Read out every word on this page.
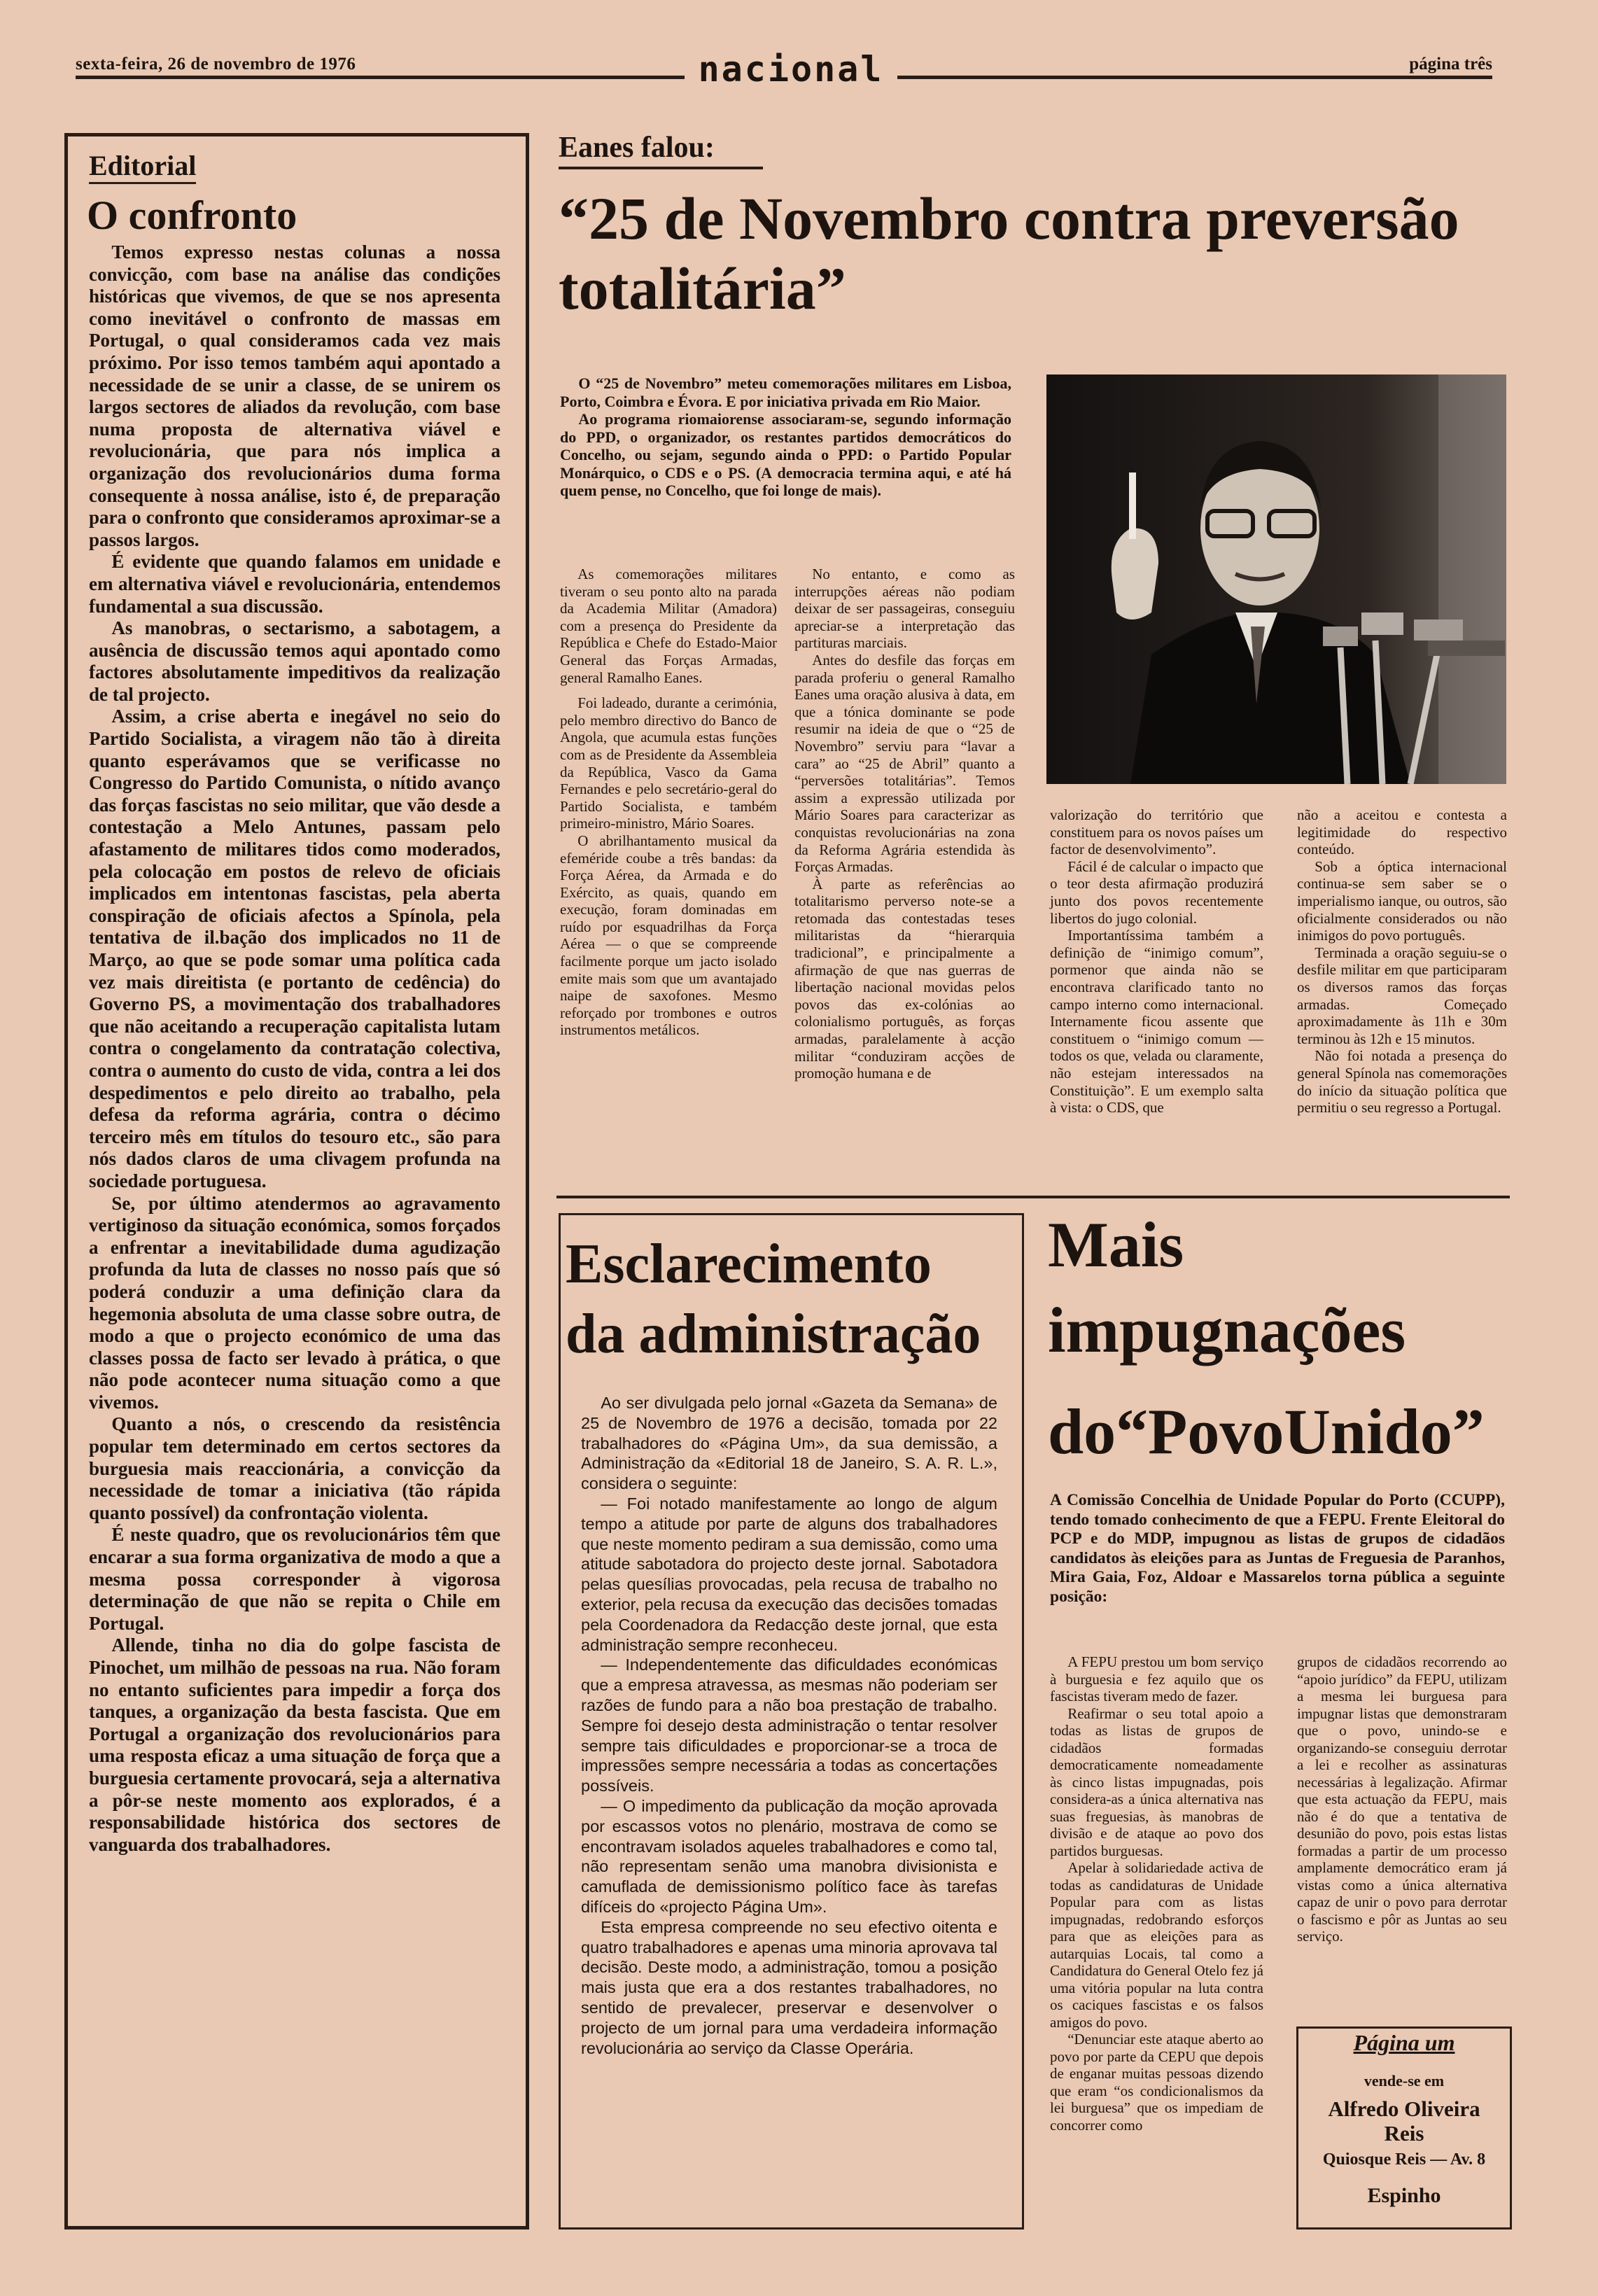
sexta-feira, 26 de novembro de 1976	nacional	página três
Editorial
O confronto

Temos expresso nestas colunas a nossa convicção, com base na análise das condições históricas que vivemos, de que se nos apresenta como inevitável o confronto de massas em Portugal, o qual consideramos cada vez mais próximo. Por isso temos também aqui apontado a necessidade de se unir a classe, de se unirem os largos sectores de aliados da revolução, com base numa proposta de alternativa viável e revolucionária, que para nós implica a organização dos revolucionários duma forma consequente à nossa análise, isto é, de preparação para o confronto que consideramos aproximar-se a passos largos.

É evidente que quando falamos em unidade e em alternativa viável e revolucionária, entendemos fundamental a sua discussão.

As manobras, o sectarismo, a sabotagem, a ausência de discussão temos aqui apontado como factores absolutamente impeditivos da realização de tal projecto.

Assim, a crise aberta e inegável no seio do Partido Socialista, a viragem não tão à direita quanto esperávamos que se verificasse no Congresso do Partido Comunista, o nítido avanço das forças fascistas no seio militar, que vão desde a contestação a Melo Antunes, passam pelo afastamento de militares tidos como moderados, pela colocação em postos de relevo de oficiais implicados em intentonas fascistas, pela aberta conspiração de oficiais afectos a Spínola, pela tentativa de il.bação dos implicados no 11 de Março, ao que se pode somar uma política cada vez mais direitista (e portanto de cedência) do Governo PS, a movimentação dos trabalhadores que não aceitando a recuperação capitalista lutam contra o congelamento da contratação colectiva, contra o aumento do custo de vida, contra a lei dos despedimentos e pelo direito ao trabalho, pela defesa da reforma agrária, contra o décimo terceiro mês em títulos do tesouro etc., são para nós dados claros de uma clivagem profunda na sociedade portuguesa.

Se, por último atendermos ao agravamento vertiginoso da situação económica, somos forçados a enfrentar a inevitabilidade duma agudização profunda da luta de classes no nosso país que só poderá conduzir a uma definição clara da hegemonia absoluta de uma classe sobre outra, de modo a que o projecto económico de uma das classes possa de facto ser levado à prática, o que não pode acontecer numa situação como a que vivemos.

Quanto a nós, o crescendo da resistência popular tem determinado em certos sectores da burguesia mais reaccionária, a convicção da necessidade de tomar a iniciativa (tão rápida quanto possível) da confrontação violenta.

É neste quadro, que os revolucionários têm que encarar a sua forma organizativa de modo a que a mesma possa corresponder à vigorosa determinação de que não se repita o Chile em Portugal.

Allende, tinha no dia do golpe fascista de Pinochet, um milhão de pessoas na rua. Não foram no entanto suficientes para impedir a força dos tanques, a organização da besta fascista. Que em Portugal a organização dos revolucionários para uma resposta eficaz a uma situação de força que a burguesia certamente provocará, seja a alternativa a pôr-se neste momento aos explorados, é a responsabilidade histórica dos sectores de vanguarda dos trabalhadores.

Eanes falou:
“25 de Novembro contra preversão totalitária”

O “25 de Novembro” meteu comemorações militares em Lisboa, Porto, Coimbra e Évora. E por iniciativa privada em Rio Maior.

Ao programa riomaiorense associaram-se, segundo informação do PPD, o organizador, os restantes partidos democráticos do Concelho, ou sejam, segundo ainda o PPD: o Partido Popular Monárquico, o CDS e o PS. (A democracia termina aqui, e até há quem pense, no Concelho, que foi longe de mais).

As comemorações militares tiveram o seu ponto alto na parada da Academia Militar (Amadora) com a presença do Presidente da República e Chefe do Estado-Maior General das Forças Armadas, general Ramalho Eanes.

Foi ladeado, durante a cerimónia, pelo membro directivo do Banco de Angola, que acumula estas funções com as de Presidente da Assembleia da República, Vasco da Gama Fernandes e pelo secretário-geral do Partido Socialista, e também primeiro-ministro, Mário Soares.

O abrilhantamento musical da efeméride coube a três bandas: da Força Aérea, da Armada e do Exército, as quais, quando em execução, foram dominadas em ruído por esquadrilhas da Força Aérea — o que se compreende facilmente porque um jacto isolado emite mais som que um avantajado naipe de saxofones. Mesmo reforçado por trombones e outros instrumentos metálicos.

No entanto, e como as interrupções aéreas não podiam deixar de ser passageiras, conseguiu apreciar-se a interpretação das partituras marciais.

Antes do desfile das forças em parada proferiu o general Ramalho Eanes uma oração alusiva à data, em que a tónica dominante se pode resumir na ideia de que o “25 de Novembro” serviu para “lavar a cara” ao “25 de Abril” quanto a “perversões totalitárias”. Temos assim a expressão utilizada por Mário Soares para caracterizar as conquistas revolucionárias na zona da Reforma Agrária estendida às Forças Armadas.

À parte as referências ao totalitarismo perverso note-se a retomada das contestadas teses militaristas da “hierarquia tradicional”, e principalmente a afirmação de que nas guerras de libertação nacional movidas pelos povos das ex-colónias ao colonialismo português, as forças armadas, paralelamente à acção militar “conduziram acções de promoção humana e de

valorização do território que constituem para os novos países um factor de desenvolvimento”.

Fácil é de calcular o impacto que o teor desta afirmação produzirá junto dos povos recentemente libertos do jugo colonial.

Importantíssima também a definição de “inimigo comum”, pormenor que ainda não se encontrava clarificado tanto no campo interno como internacional. Internamente ficou assente que constituem o “inimigo comum — todos os que, velada ou claramente, não estejam interessados na Constituição”. E um exemplo salta à vista: o CDS, que

não a aceitou e contesta a legitimidade do respectivo conteúdo.

Sob a óptica internacional continua-se sem saber se o imperialismo ianque, ou outros, são oficialmente considerados ou não inimigos do povo português.

Terminada a oração seguiu-se o desfile militar em que participaram os diversos ramos das forças armadas. Começado aproximadamente às 11h e 30m terminou às 12h e 15 minutos.

Não foi notada a presença do general Spínola nas comemorações do início da situação política que permitiu o seu regresso a Portugal.

Esclarecimento
da administração

Ao ser divulgada pelo jornal «Gazeta da Semana» de 25 de Novembro de 1976 a decisão, tomada por 22 trabalhadores do «Página Um», da sua demissão, a Administração da «Editorial 18 de Janeiro, S. A. R. L.», considera o seguinte:

— Foi notado manifestamente ao longo de algum tempo a atitude por parte de alguns dos trabalhadores que neste momento pediram a sua demissão, como uma atitude sabotadora do projecto deste jornal. Sabotadora pelas quesílias provocadas, pela recusa de trabalho no exterior, pela recusa da execução das decisões tomadas pela Coordenadora da Redacção deste jornal, que esta administração sempre reconheceu.

— Independentemente das dificuldades económicas que a empresa atravessa, as mesmas não poderiam ser razões de fundo para a não boa prestação de trabalho. Sempre foi desejo desta administração o tentar resolver sempre tais dificuldades e proporcionar-se a troca de impressões sempre necessária a todas as concertações possíveis.

— O impedimento da publicação da moção aprovada por escassos votos no plenário, mostrava de como se encontravam isolados aqueles trabalhadores e como tal, não representam senão uma manobra divisionista e camuflada de demissionismo político face às tarefas difíceis do «projecto Página Um».

Esta empresa compreende no seu efectivo oitenta e quatro trabalhadores e apenas uma minoria aprovava tal decisão. Deste modo, a administração, tomou a posição mais justa que era a dos restantes trabalhadores, no sentido de prevalecer, preservar e desenvolver o projecto de um jornal para uma verdadeira informação revolucionária ao serviço da Classe Operária.

Mais
impugnações
do“PovoUnido”
A Comissão Concelhia de Unidade Popular do Porto (CCUPP), tendo tomado conhecimento de que a FEPU. Frente Eleitoral do PCP e do MDP, impugnou as listas de grupos de cidadãos candidatos às eleições para as Juntas de Freguesia de Paranhos, Mira Gaia, Foz, Aldoar e Massarelos torna pública a seguinte posição:

A FEPU prestou um bom serviço à burguesia e fez aquilo que os fascistas tiveram medo de fazer.

Reafirmar o seu total apoio a todas as listas de grupos de cidadãos formadas democraticamente nomeadamente às cinco listas impugnadas, pois considera-as a única alternativa nas suas freguesias, às manobras de divisão e de ataque ao povo dos partidos burguesas.

Apelar à solidariedade activa de todas as candidaturas de Unidade Popular para com as listas impugnadas, redobrando esforços para que as eleições para as autarquias Locais, tal como a Candidatura do General Otelo fez já uma vitória popular na luta contra os caciques fascistas e os falsos amigos do povo.

“Denunciar este ataque aberto ao povo por parte da CEPU que depois de enganar muitas pessoas dizendo que eram “os condicionalismos da lei burguesa” que os impediam de concorrer como

grupos de cidadãos recorrendo ao “apoio jurídico” da FEPU, utilizam a mesma lei burguesa para impugnar listas que demonstraram que o povo, unindo-se e organizando-se conseguiu derrotar a lei e recolher as assinaturas necessárias à legalização. Afirmar que esta actuação da FEPU, mais não é do que a tentativa de desunião do povo, pois estas listas formadas a partir de um processo amplamente democrático eram já vistas como a única alternativa capaz de unir o povo para derrotar o fascismo e pôr as Juntas ao seu serviço.

Página um
vende-se em
Alfredo Oliveira
Reis
Quiosque Reis — Av. 8
Espinho
